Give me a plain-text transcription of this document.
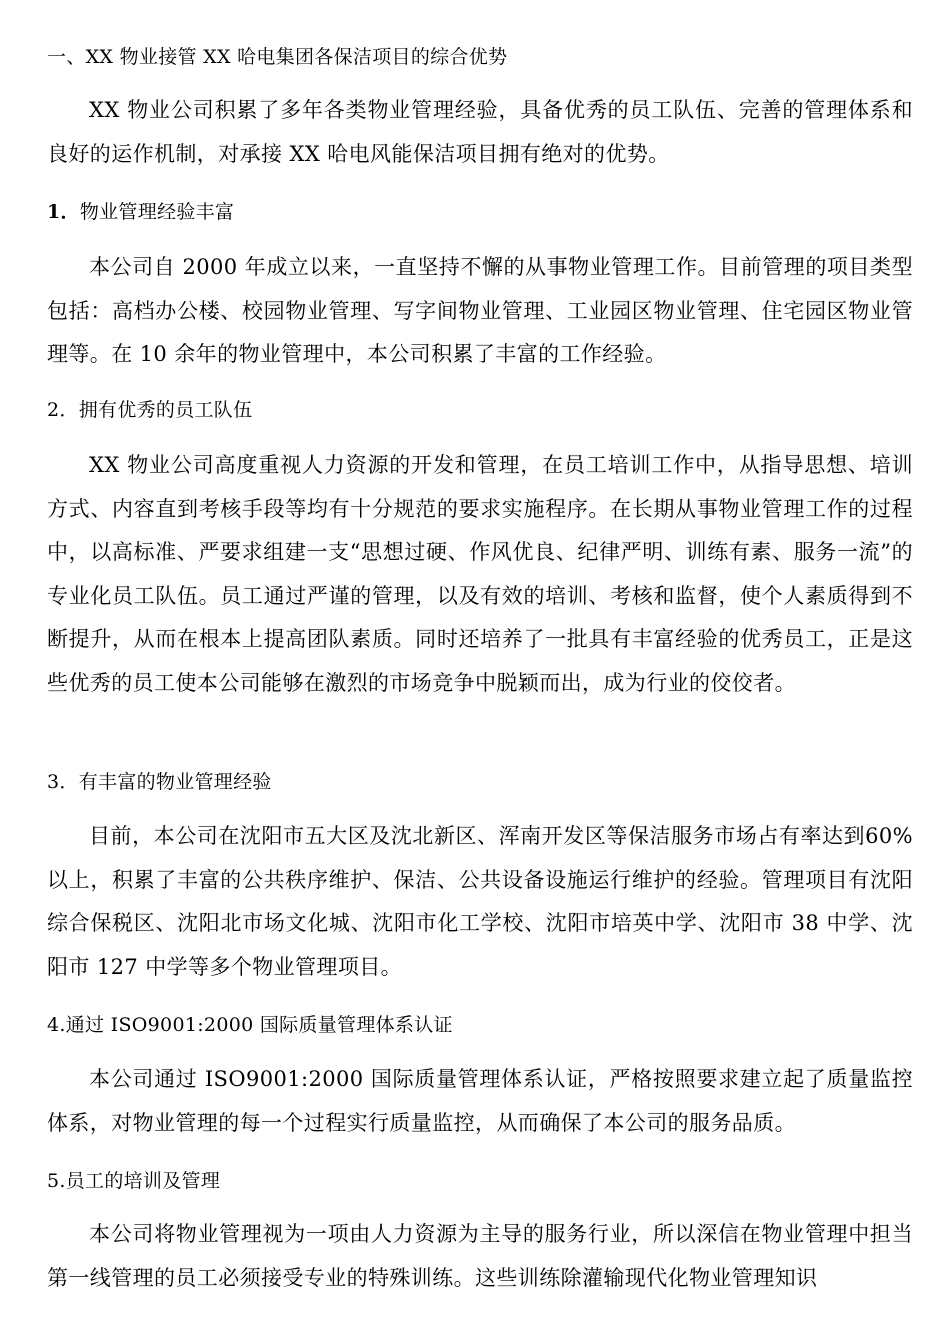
一、XX 物业接管 XX 哈电集团各保洁项目的综合优势
XX 物业公司积累了多年各类物业管理经验，具备优秀的员工队伍、完善的管理体系和良好的运作机制，对承接 XX 哈电风能保洁项目拥有绝对的优势。
1．物业管理经验丰富
本公司自 2000 年成立以来，一直坚持不懈的从事物业管理工作。目前管理的项目类型包括：高档办公楼、校园物业管理、写字间物业管理、工业园区物业管理、住宅园区物业管理等。在 10 余年的物业管理中，本公司积累了丰富的工作经验。
2．拥有优秀的员工队伍
XX 物业公司高度重视人力资源的开发和管理，在员工培训工作中，从指导思想、培训方式、内容直到考核手段等均有十分规范的要求实施程序。在长期从事物业管理工作的过程中，以高标准、严要求组建一支“思想过硬、作风优良、纪律严明、训练有素、服务一流”的专业化员工队伍。员工通过严谨的管理，以及有效的培训、考核和监督，使个人素质得到不断提升，从而在根本上提高团队素质。同时还培养了一批具有丰富经验的优秀员工，正是这些优秀的员工使本公司能够在激烈的市场竞争中脱颖而出，成为行业的佼佼者。
3．有丰富的物业管理经验
目前，本公司在沈阳市五大区及沈北新区、浑南开发区等保洁服务市场占有率达到60%以上，积累了丰富的公共秩序维护、保洁、公共设备设施运行维护的经验。管理项目有沈阳综合保税区、沈阳北市场文化城、沈阳市化工学校、沈阳市培英中学、沈阳市 38 中学、沈阳市 127 中学等多个物业管理项目。
4.通过 ISO9001:2000 国际质量管理体系认证
本公司通过 ISO9001:2000 国际质量管理体系认证，严格按照要求建立起了质量监控体系，对物业管理的每一个过程实行质量监控，从而确保了本公司的服务品质。
5.员工的培训及管理
本公司将物业管理视为一项由人力资源为主导的服务行业，所以深信在物业管理中担当第一线管理的员工必须接受专业的特殊训练。这些训练除灌输现代化物业管理知识
